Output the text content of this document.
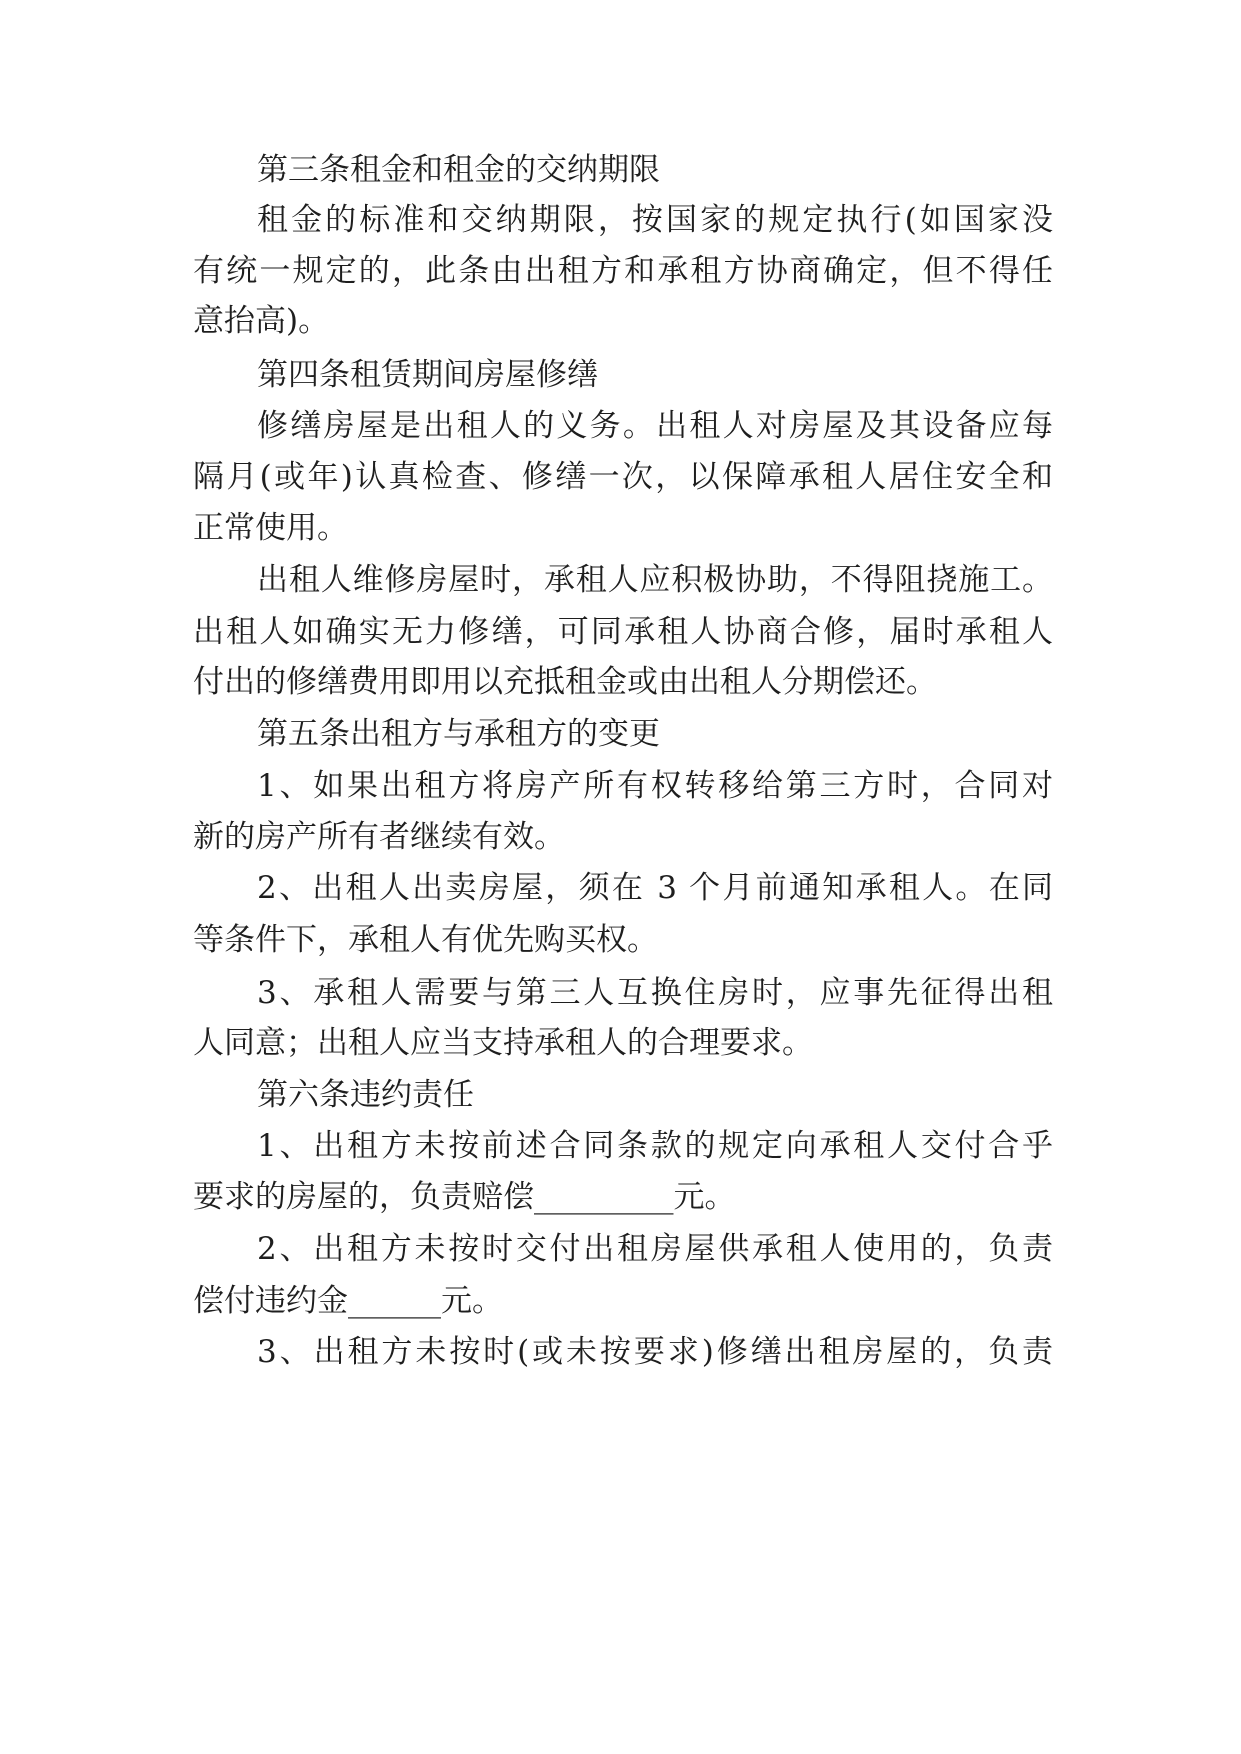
第三条租金和租金的交纳期限
租金的标准和交纳期限，按国家的规定执行(如国家没
有统一规定的，此条由出租方和承租方协商确定，但不得任
意抬高)。
第四条租赁期间房屋修缮
修缮房屋是出租人的义务。出租人对房屋及其设备应每
隔月(或年)认真检查、修缮一次，以保障承租人居住安全和
正常使用。
出租人维修房屋时，承租人应积极协助，不得阻挠施工。
出租人如确实无力修缮，可同承租人协商合修，届时承租人
付出的修缮费用即用以充抵租金或由出租人分期偿还。
第五条出租方与承租方的变更
1、如果出租方将房产所有权转移给第三方时，合同对
新的房产所有者继续有效。
2、出租人出卖房屋，须在 3 个月前通知承租人。在同
等条件下，承租人有优先购买权。
3、承租人需要与第三人互换住房时，应事先征得出租
人同意；出租人应当支持承租人的合理要求。
第六条违约责任
1、出租方未按前述合同条款的规定向承租人交付合乎
要求的房屋的，负责赔偿_________元。
2、出租方未按时交付出租房屋供承租人使用的，负责
偿付违约金______元。
3、出租方未按时(或未按要求)修缮出租房屋的，负责
